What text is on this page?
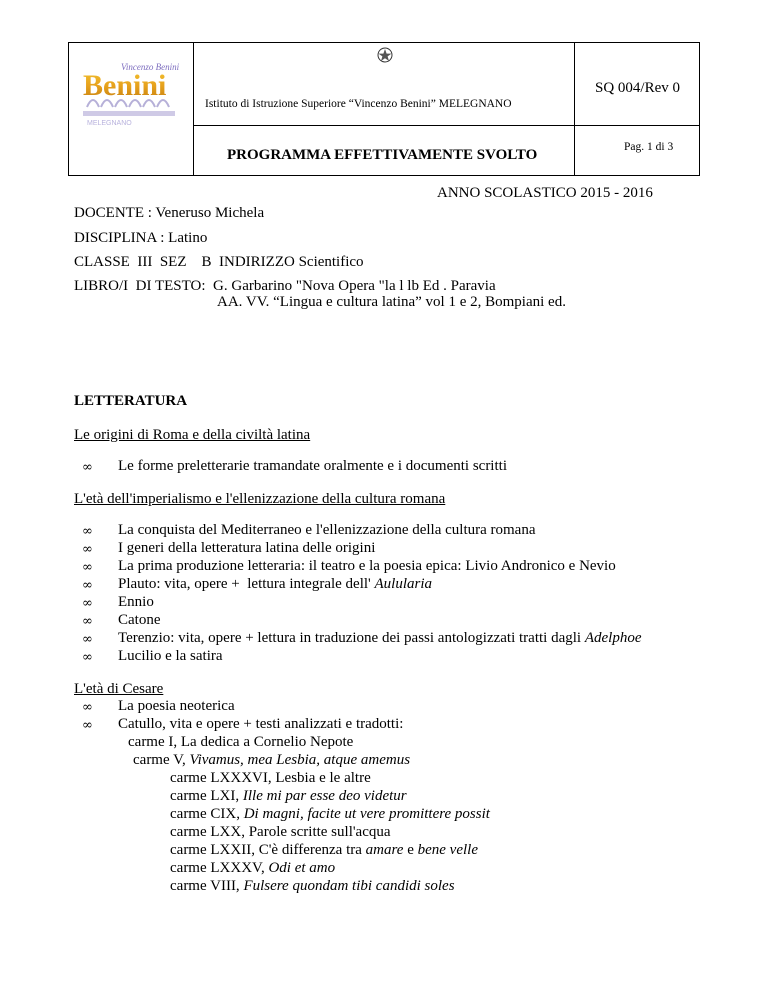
Vincenzo Benini
Benini
MELEGNANO
Istituto di Istruzione Superiore “Vincenzo Benini” MELEGNANO
SQ 004/Rev 0
PROGRAMMA EFFETTIVAMENTE SVOLTO	Pag. 1 di 3
ANNO SCOLASTICO 2015 - 2016
DOCENTE : Veneruso Michela
DISCIPLINA : Latino
CLASSE  III  SEZ    B  INDIRIZZO Scientifico
LIBRO/I  DI TESTO:  G. Garbarino "Nova Opera "la l lb Ed . Paravia
AA. VV. “Lingua e cultura latina” vol 1 e 2, Bompiani ed.
LETTERATURA
Le origini di Roma e della civiltà latina
∞ Le forme preletterarie tramandate oralmente e i documenti scritti
L'età dell'imperialismo e l'ellenizzazione della cultura romana
∞ La conquista del Mediterraneo e l'ellenizzazione della cultura romana
∞ I generi della letteratura latina delle origini
∞ La prima produzione letteraria: il teatro e la poesia epica: Livio Andronico e Nevio
∞ Plauto: vita, opere +  lettura integrale dell' Aulularia
∞ Ennio
∞ Catone
∞ Terenzio: vita, opere + lettura in traduzione dei passi antologizzati tratti dagli Adelphoe
∞ Lucilio e la satira
L'età di Cesare
∞ La poesia neoterica
∞ Catullo, vita e opere + testi analizzati e tradotti:
carme I, La dedica a Cornelio Nepote
carme V, Vivamus, mea Lesbia, atque amemus
carme LXXXVI, Lesbia e le altre
carme LXI, Ille mi par esse deo videtur
carme CIX, Di magni, facite ut vere promittere possit
carme LXX, Parole scritte sull'acqua
carme LXXII, C'è differenza tra amare e bene velle
carme LXXXV, Odi et amo
carme VIII, Fulsere quondam tibi candidi soles
